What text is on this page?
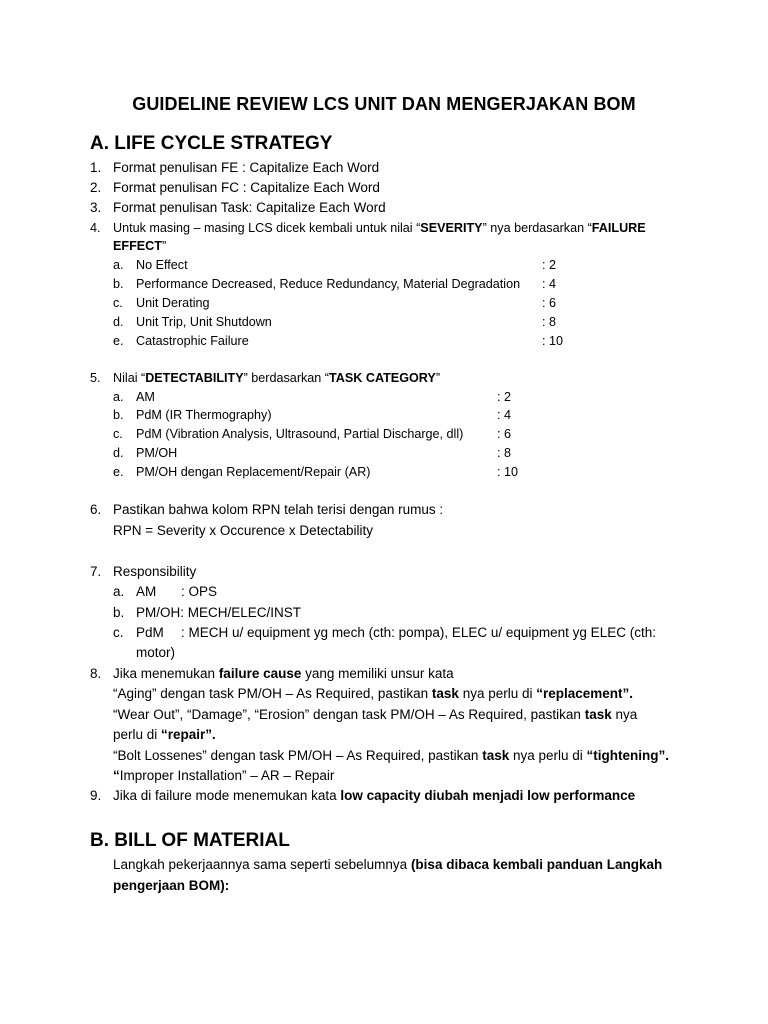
GUIDELINE REVIEW LCS UNIT DAN MENGERJAKAN BOM
A. LIFE CYCLE STRATEGY
1. Format penulisan FE : Capitalize Each Word
2. Format penulisan FC : Capitalize Each Word
3. Format penulisan Task: Capitalize Each Word
4. Untuk masing – masing LCS dicek kembali untuk nilai “SEVERITY” nya berdasarkan “FAILURE
EFFECT”
a. No Effect	: 2
b. Performance Decreased, Reduce Redundancy, Material Degradation : 4
c. Unit Derating	: 6
d. Unit Trip, Unit Shutdown	: 8
e. Catastrophic Failure	: 10
5. Nilai “DETECTABILITY” berdasarkan “TASK CATEGORY”
a. AM	: 2
b. PdM (IR Thermography)	: 4
c. PdM (Vibration Analysis, Ultrasound, Partial Discharge, dll)	: 6
d. PM/OH	: 8
e. PM/OH dengan Replacement/Repair (AR)	: 10
6. Pastikan bahwa kolom RPN telah terisi dengan rumus :
RPN = Severity x Occurence x Detectability
7. Responsibility
a. AM : OPS
b. PM/OH: MECH/ELEC/INST
c. PdM : MECH u/ equipment yg mech (cth: pompa), ELEC u/ equipment yg ELEC (cth:
motor)
8. Jika menemukan failure cause yang memiliki unsur kata
“Aging” dengan task PM/OH – As Required, pastikan task nya perlu di “replacement”.
“Wear Out”, “Damage”, “Erosion” dengan task PM/OH – As Required, pastikan task nya
perlu di “repair”.
“Bolt Lossenes” dengan task PM/OH – As Required, pastikan task nya perlu di “tightening”.
“Improper Installation” – AR – Repair
9. Jika di failure mode menemukan kata low capacity diubah menjadi low performance
B. BILL OF MATERIAL
Langkah pekerjaannya sama seperti sebelumnya (bisa dibaca kembali panduan Langkah
pengerjaan BOM):
